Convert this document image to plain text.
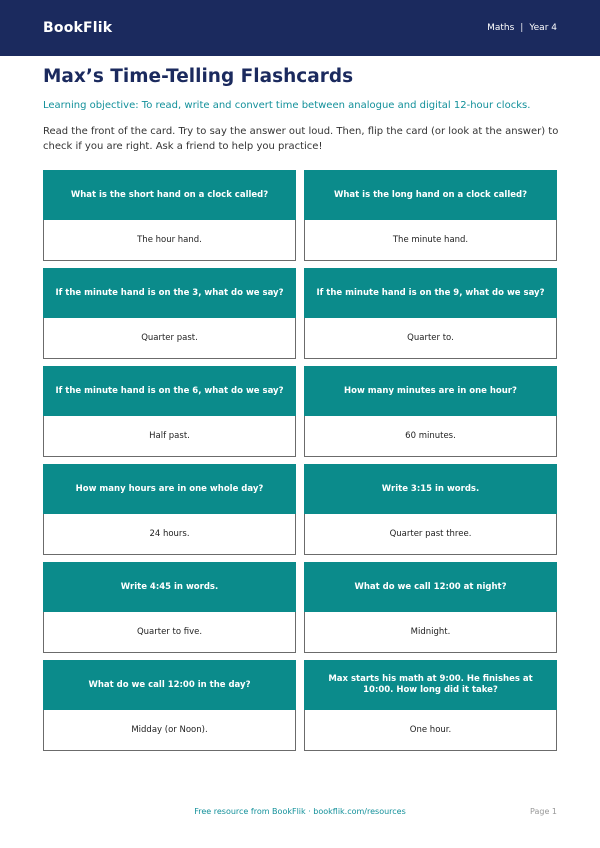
BookFlik	Maths | Year 4
Max’s Time-Telling Flashcards

Learning objective: To read, write and convert time between analogue and digital 12-hour clocks.

Read the front of the card. Try to say the answer out loud. Then, flip the card (or look at the answer) to check if you are right. Ask a friend to help you practice!

What is the short hand on a clock called?
The hour hand.
What is the long hand on a clock called?
The minute hand.
If the minute hand is on the 3, what do we say?
Quarter past.
If the minute hand is on the 9, what do we say?
Quarter to.
If the minute hand is on the 6, what do we say?
Half past.
How many minutes are in one hour?
60 minutes.
How many hours are in one whole day?
24 hours.
Write 3:15 in words.
Quarter past three.
Write 4:45 in words.
Quarter to five.
What do we call 12:00 at night?
Midnight.
What do we call 12:00 in the day?
Midday (or Noon).
Max starts his math at 9:00. He finishes at 10:00. How long did it take?
One hour.
Free resource from BookFlik · bookflik.com/resources	Page 1
